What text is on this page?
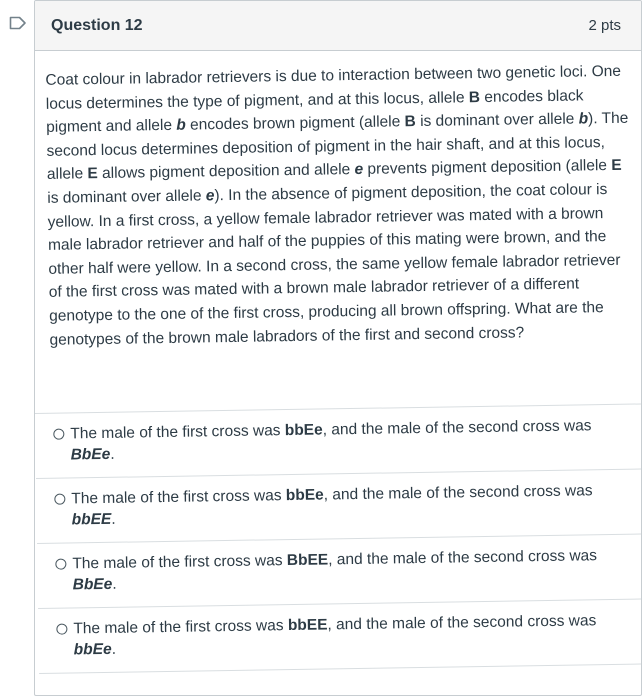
Question 12	2 pts
Coat colour in labrador retrievers is due to interaction between two genetic loci. One locus determines the type of pigment, and at this locus, allele B encodes black pigment and allele b encodes brown pigment (allele B is dominant over allele b). The second locus determines deposition of pigment in the hair shaft, and at this locus, allele E allows pigment deposition and allele e prevents pigment deposition (allele E is dominant over allele e). In the absence of pigment deposition, the coat colour is yellow. In a first cross, a yellow female labrador retriever was mated with a brown male labrador retriever and half of the puppies of this mating were brown, and the other half were yellow. In a second cross, the same yellow female labrador retriever of the first cross was mated with a brown male labrador retriever of a different genotype to the one of the first cross, producing all brown offspring. What are the genotypes of the brown male labradors of the first and second cross?
The male of the first cross was bbEe, and the male of the second cross was BbEe.
The male of the first cross was bbEe, and the male of the second cross was bbEE.
The male of the first cross was BbEE, and the male of the second cross was BbEe.
The male of the first cross was bbEE, and the male of the second cross was bbEe.
